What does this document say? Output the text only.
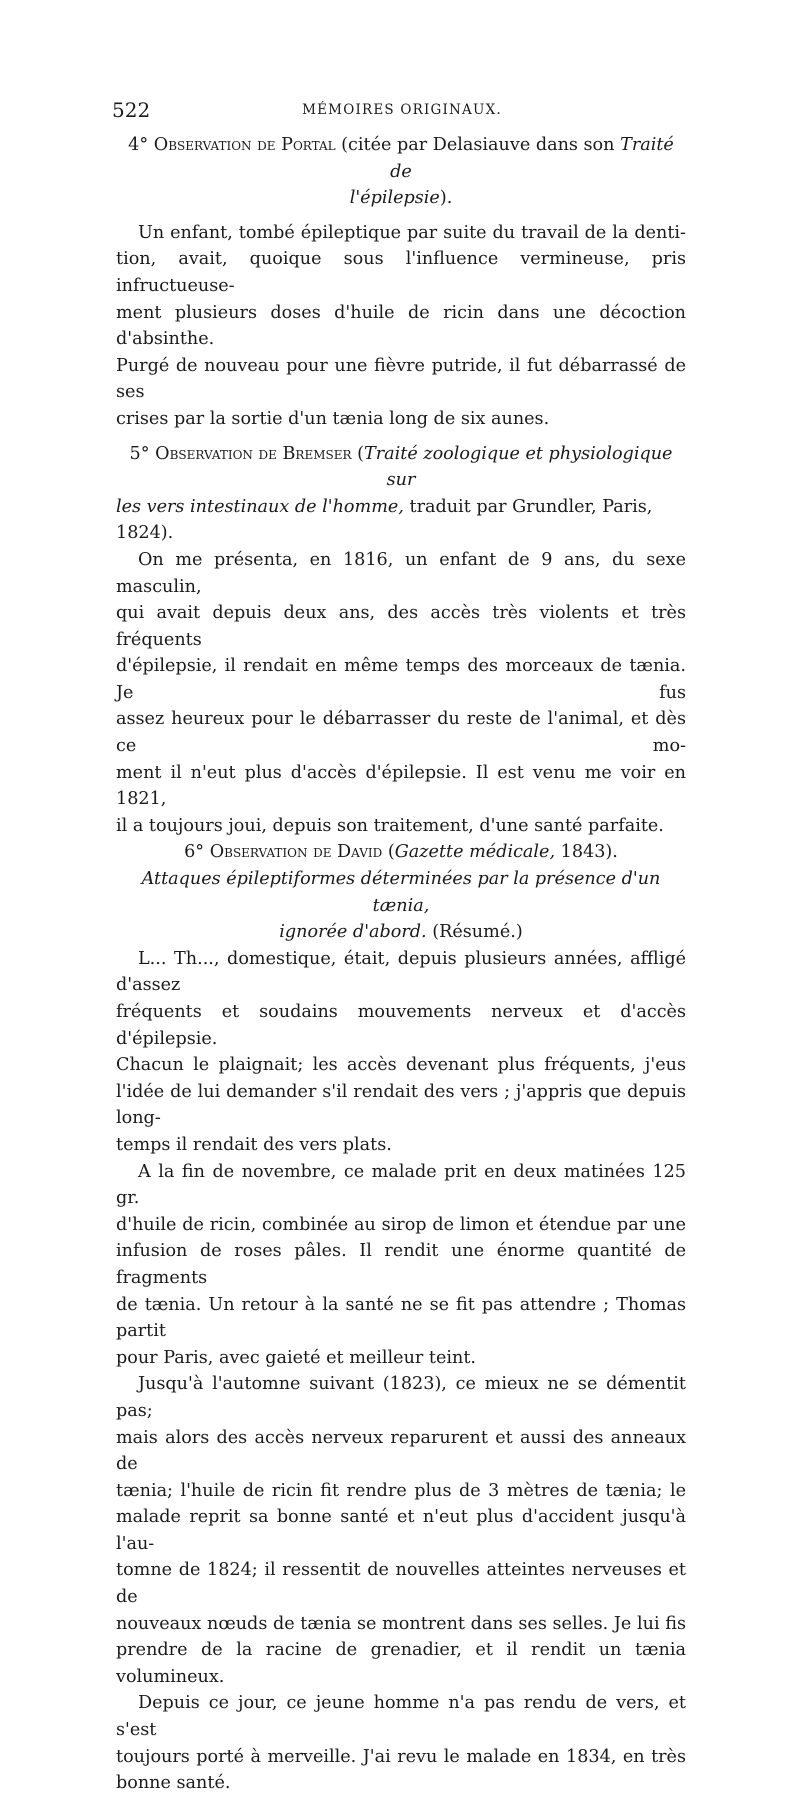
522	MÉMOIRES ORIGINAUX.

4° Observation de Portal (citée par Delasiauve dans son Traité de
l'épilepsie).

Un enfant, tombé épileptique par suite du travail de la denti-

tion, avait, quoique sous l'influence vermineuse, pris infructueuse-

ment plusieurs doses d'huile de ricin dans une décoction d'absinthe.

Purgé de nouveau pour une fièvre putride, il fut débarrassé de ses

crises par la sortie d'un tænia long de six aunes.

5° Observation de Bremser (Traité zoologique et physiologique sur

les vers intestinaux de l'homme, traduit par Grundler, Paris, 1824).

On me présenta, en 1816, un enfant de 9 ans, du sexe masculin,

qui avait depuis deux ans, des accès très violents et très fréquents

d'épilepsie, il rendait en même temps des morceaux de tænia. Je fus

assez heureux pour le débarrasser du reste de l'animal, et dès ce mo-

ment il n'eut plus d'accès d'épilepsie. Il est venu me voir en 1821,

il a toujours joui, depuis son traitement, d'une santé parfaite.

6° Observation de David (Gazette médicale, 1843).

Attaques épileptiformes déterminées par la présence d'un tænia,
ignorée d'abord. (Résumé.)

L... Th..., domestique, était, depuis plusieurs années, affligé d'assez

fréquents et soudains mouvements nerveux et d'accès d'épilepsie.

Chacun le plaignait; les accès devenant plus fréquents, j'eus

l'idée de lui demander s'il rendait des vers ; j'appris que depuis long-

temps il rendait des vers plats.

A la fin de novembre, ce malade prit en deux matinées 125 gr.

d'huile de ricin, combinée au sirop de limon et étendue par une

infusion de roses pâles. Il rendit une énorme quantité de fragments

de tænia. Un retour à la santé ne se fit pas attendre ; Thomas partit

pour Paris, avec gaieté et meilleur teint.

Jusqu'à l'automne suivant (1823), ce mieux ne se démentit pas;

mais alors des accès nerveux reparurent et aussi des anneaux de

tænia; l'huile de ricin fit rendre plus de 3 mètres de tænia; le

malade reprit sa bonne santé et n'eut plus d'accident jusqu'à l'au-

tomne de 1824; il ressentit de nouvelles atteintes nerveuses et de

nouveaux nœuds de tænia se montrent dans ses selles. Je lui fis

prendre de la racine de grenadier, et il rendit un tænia volumineux.

Depuis ce jour, ce jeune homme n'a pas rendu de vers, et s'est

toujours porté à merveille. J'ai revu le malade en 1834, en très

bonne santé.
